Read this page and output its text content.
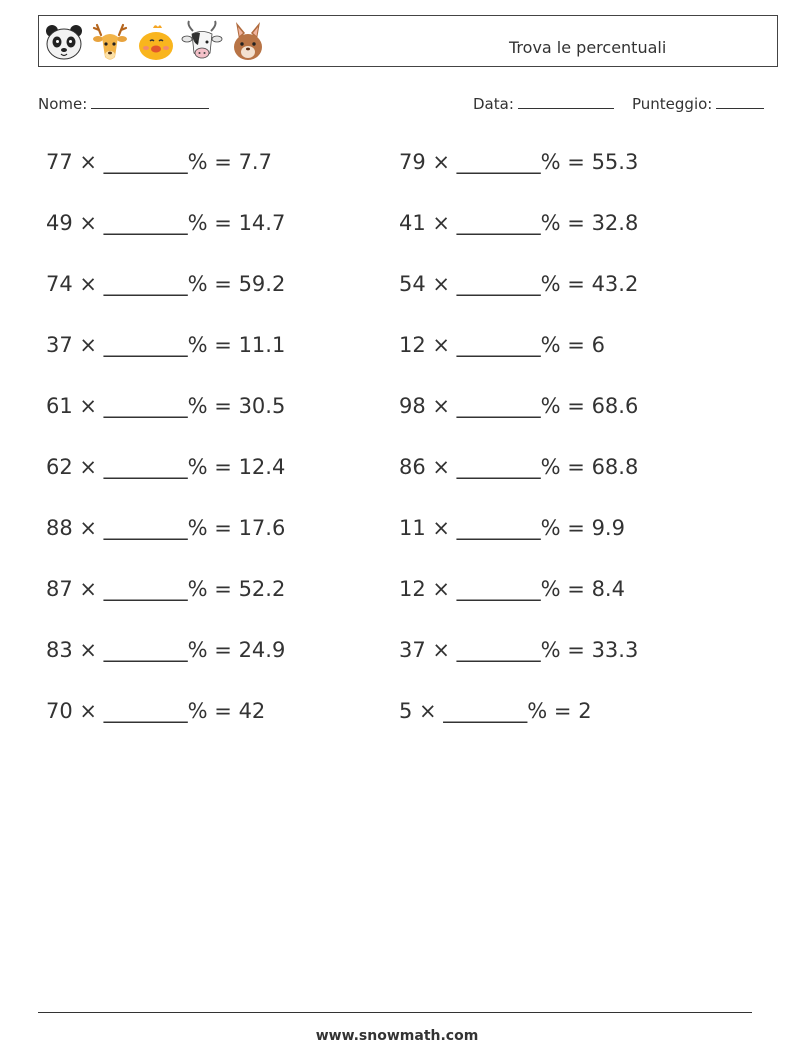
Trova le percentuali
Nome:	Data:	Punteggio:
77 × ________% = 7.7
49 × ________% = 14.7
74 × ________% = 59.2
37 × ________% = 11.1
61 × ________% = 30.5
62 × ________% = 12.4
88 × ________% = 17.6
87 × ________% = 52.2
83 × ________% = 24.9
70 × ________% = 42
79 × ________% = 55.3
41 × ________% = 32.8
54 × ________% = 43.2
12 × ________% = 6
98 × ________% = 68.6
86 × ________% = 68.8
11 × ________% = 9.9
12 × ________% = 8.4
37 × ________% = 33.3
5 × ________% = 2
www.snowmath.com
